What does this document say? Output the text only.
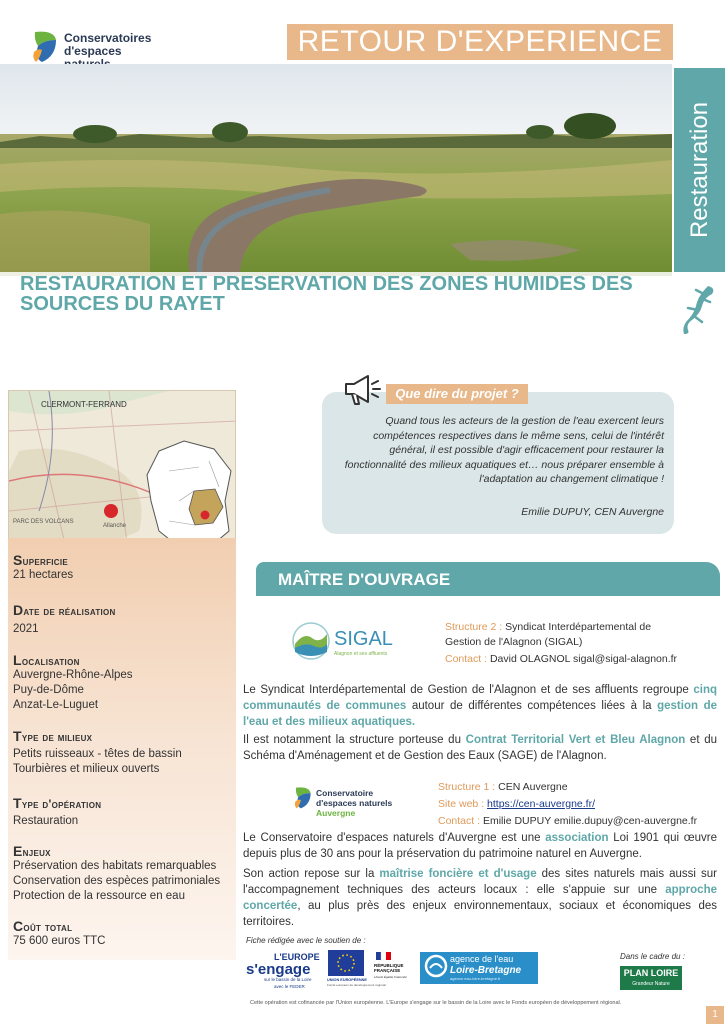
Conservatoires
d'espaces	RETOUR D'EXPERIENCE
Restauration
RESTAURATION ET PRESERVATION DES ZONES HUMIDES DES SOURCES DU RAYET
CLERMONT-FERRAND
PARC DES VOLCANS
Allanche
Superficie
21 hectares
Date de réalisation
2021
Localisation
Auvergne-Rhône-Alpes
Puy-de-Dôme
Anzat-Le-Luguet
Type de milieux
Petits ruisseaux - têtes de bassin
Tourbières et milieux ouverts
Type d'opération
Restauration
Enjeux
Préservation des habitats remarquables
Conservation des espèces patrimoniales
Protection de la ressource en eau
Coût total
75 600 euros TTC
Que dire du projet ?
Quand tous les acteurs de la gestion de l'eau exercent leurs compétences respectives dans le même sens, celui de l'intérêt général, il est possible d'agir efficacement pour restaurer la fonctionnalité des milieux aquatiques et… nous préparer ensemble à l'adaptation au changement climatique !
Emilie DUPUY, CEN Auvergne
MAÎTRE D'OUVRAGE
SIGAL
Alagnon et ses affluents
Structure 2 : Syndicat Interdépartemental de Gestion de l'Alagnon (SIGAL)
Contact : David OLAGNOL sigal@sigal-alagnon.fr
Le Syndicat Interdépartemental de Gestion de l'Alagnon et de ses affluents regroupe cinq communautés de communes autour de différentes compétences liées à la gestion de l'eau et des milieux aquatiques.
Il est notamment la structure porteuse du Contrat Territorial Vert et Bleu Alagnon et du Schéma d'Aménagement et de Gestion des Eaux (SAGE) de l'Alagnon.
Conservatoire
d'espaces naturels
Auvergne
Structure 1 : CEN Auvergne
Site web : https://cen-auvergne.fr/
Contact : Emilie DUPUY emilie.dupuy@cen-auvergne.fr
Le Conservatoire d'espaces naturels d'Auvergne est une association Loi 1901 qui œuvre depuis plus de 30 ans pour la préservation du patrimoine naturel en Auvergne.
Son action repose sur la maîtrise foncière et d'usage des sites naturels mais aussi sur l'accompagnement techniques des acteurs locaux : elle s'appuie sur une approche concertée, au plus près des enjeux environnementaux, sociaux et économiques des territoires.
Fiche rédigée avec le soutien de :
L'EUROPE
s'engage
sur le bassin de la Loire
avec le FEDER
UNION EUROPÉENNE
Fonds européen de développement régional
RÉPUBLIQUE
FRANÇAISE
Liberté Égalité Fraternité
agence de l'eau
Loire-Bretagne
agence.eau-loire-bretagne.fr
Dans le cadre du :
PLAN LOIRE
Grandeur Nature
Cette opération est cofinancée par l'Union européenne. L'Europe s'engage sur le bassin de la Loire avec le Fonds européen de développement régional.
1
